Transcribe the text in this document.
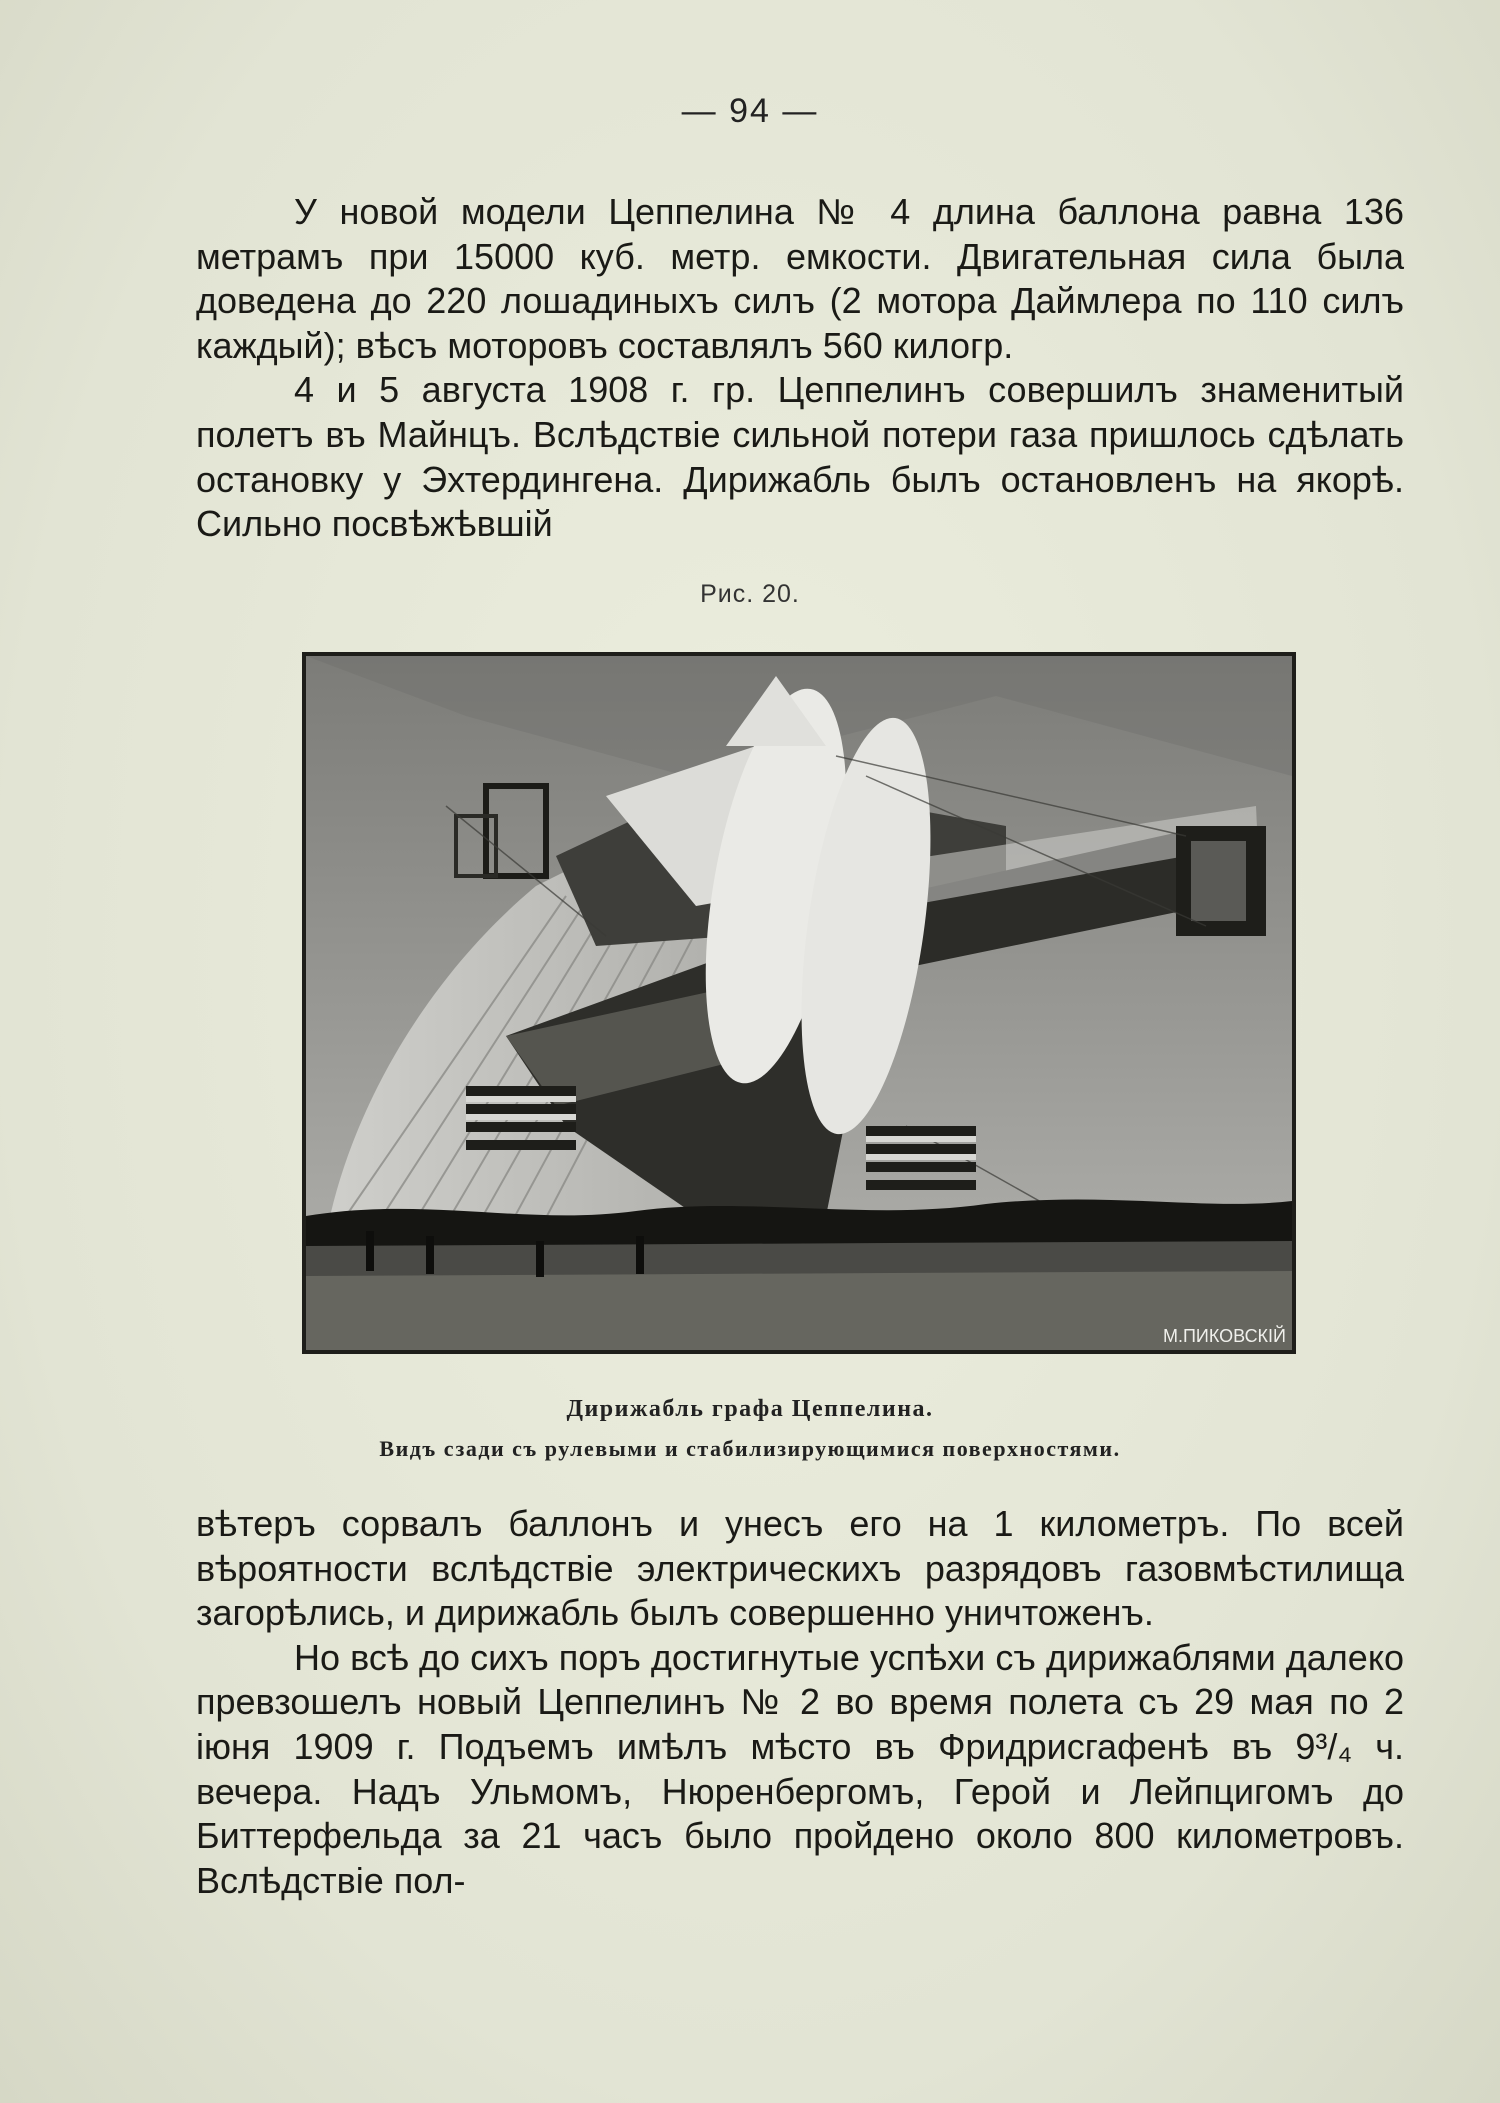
— 94 —

У новой модели Цеппелина № 4 длина баллона равна 136 метрамъ при 15000 куб. метр. емкости. Двигательная сила была доведена до 220 лошадиныхъ силъ (2 мотора Даймлера по 110 силъ каждый); вѣсъ моторовъ составлялъ 560 килогр.

4 и 5 августа 1908 г. гр. Цеппелинъ совершилъ знаменитый полетъ въ Майнцъ. Вслѣдствіе сильной потери газа пришлось сдѣлать остановку у Эхтердингена. Дирижабль былъ остановленъ на якорѣ. Сильно посвѣжѣвшій

Рис. 20.
М.ПИКОВСКІЙ
Дирижабль графа Цеппелина.
Видъ сзади съ рулевыми и стабилизирующимися поверхностями.

вѣтеръ сорвалъ баллонъ и унесъ его на 1 километръ. По всей вѣроятности вслѣдствіе электрическихъ разрядовъ газовмѣстилища загорѣлись, и дирижабль былъ совершенно уничтоженъ.

Но всѣ до сихъ поръ достигнутые успѣхи съ дирижаблями далеко превзошелъ новый Цеппелинъ № 2 во время полета съ 29 мая по 2 іюня 1909 г. Подъемъ имѣлъ мѣсто въ Фридрисгафенѣ въ 9³/₄ ч. вечера. Надъ Ульмомъ, Нюренбергомъ, Герой и Лейпцигомъ до Биттерфельда за 21 часъ было пройдено около 800 километровъ. Вслѣдствіе пол-
